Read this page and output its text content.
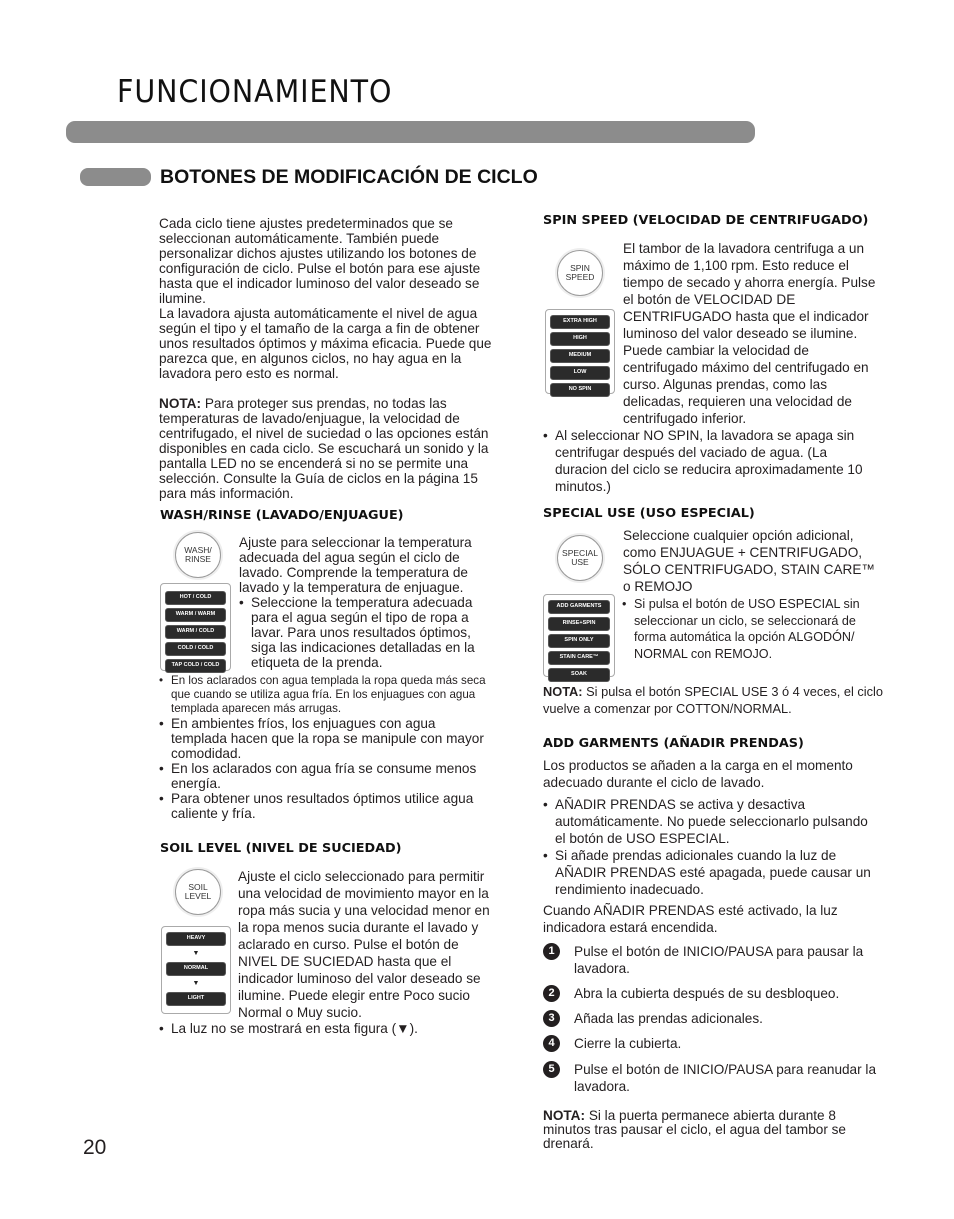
FUNCIONAMIENTO
BOTONES DE MODIFICACIÓN DE CICLO

Cada ciclo tiene ajustes predeterminados que se seleccionan automáticamente. También puede personalizar dichos ajustes utilizando los botones de configuración de ciclo. Pulse el botón para ese ajuste hasta que el indicador luminoso del valor deseado se ilumine.

La lavadora ajusta automáticamente el nivel de agua según el tipo y el tamaño de la carga a fin de obtener unos resultados óptimos y máxima eficacia. Puede que parezca que, en algunos ciclos, no hay agua en la lavadora pero esto es normal.

NOTA: Para proteger sus prendas, no todas las temperaturas de lavado/enjuague, la velocidad de centrifugado, el nivel de suciedad o las opciones están disponibles en cada ciclo. Se escuchará un sonido y la pantalla LED no se encenderá si no se permite una selección. Consulte la Guía de ciclos en la página 15 para más información.

WASH/RINSE (LAVADO/ENJUAGUE)
WASH/
RINSE
HOT / COLD
WARM / WARM
WARM / COLD
COLD / COLD
TAP COLD / COLD

Ajuste para seleccionar la temperatura adecuada del agua según el ciclo de lavado. Comprende la temperatura de lavado y la temperatura de enjuague.

• Seleccione la temperatura adecuada para el agua según el tipo de ropa a lavar. Para unos resultados óptimos, siga las indicaciones detalladas en la etiqueta de la prenda.
• En los aclarados con agua templada la ropa queda más seca que cuando se utiliza agua fría. En los enjuagues con agua templada aparecen más arrugas.
• En ambientes fríos, los enjuagues con agua templada hacen que la ropa se manipule con mayor comodidad.
• En los aclarados con agua fría se consume menos energía.
• Para obtener unos resultados óptimos utilice agua caliente y fría.
SOIL LEVEL (NIVEL DE SUCIEDAD)
SOIL
LEVEL
HEAVY
▼
NORMAL
▼
LIGHT
Ajuste el ciclo seleccionado para permitir una velocidad de movimiento mayor en la ropa más sucia y una velocidad menor en la ropa menos sucia durante el lavado y aclarado en curso. Pulse el botón de NIVEL DE SUCIEDAD hasta que el indicador luminoso del valor deseado se ilumine. Puede elegir entre Poco sucio Normal o Muy sucio.
• La luz no se mostrará en esta figura (▼).
SPIN SPEED (VELOCIDAD DE CENTRIFUGADO)
SPIN
SPEED
EXTRA HIGH
HIGH
MEDIUM
LOW
NO SPIN
El tambor de la lavadora centrifuga a un máximo de 1,100 rpm. Esto reduce el tiempo de secado y ahorra energía. Pulse el botón de VELOCIDAD DE CENTRIFUGADO hasta que el indicador luminoso del valor deseado se ilumine. Puede cambiar la velocidad de centrifugado máximo del centrifugado en curso. Algunas prendas, como las delicadas, requieren una velocidad de centrifugado inferior.
• Al seleccionar NO SPIN, la lavadora se apaga sin centrifugar después del vaciado de agua. (La duracion del ciclo se reducira aproximadamente 10 minutos.)
SPECIAL USE (USO ESPECIAL)
SPECIAL
USE
ADD GARMENTS
RINSE+SPIN
SPIN ONLY
STAIN CARE™
SOAK
Seleccione cualquier opción adicional, como ENJUAGUE + CENTRIFUGADO, SÓLO CENTRIFUGADO, STAIN CARE™ o REMOJO
• Si pulsa el botón de USO ESPECIAL sin seleccionar un ciclo, se seleccionará de forma automática la opción ALGODÓN/ NORMAL con REMOJO.
NOTA: Si pulsa el botón SPECIAL USE 3 ó 4 veces, el ciclo vuelve a comenzar por COTTON/NORMAL.
ADD GARMENTS (AÑADIR PRENDAS)
Los productos se añaden a la carga en el momento adecuado durante el ciclo de lavado.
• AÑADIR PRENDAS se activa y desactiva automáticamente. No puede seleccionarlo pulsando el botón de USO ESPECIAL.
• Si añade prendas adicionales cuando la luz de AÑADIR PRENDAS esté apagada, puede causar un rendimiento inadecuado.
Cuando AÑADIR PRENDAS esté activado, la luz indicadora estará encendida.
1	Pulse el botón de INICIO/PAUSA para pausar la lavadora.
2	Abra la cubierta después de su desbloqueo.
3	Añada las prendas adicionales.
4	Cierre la cubierta.
5	Pulse el botón de INICIO/PAUSA para reanudar la lavadora.
NOTA: Si la puerta permanece abierta durante 8 minutos tras pausar el ciclo, el agua del tambor se drenará.
20
